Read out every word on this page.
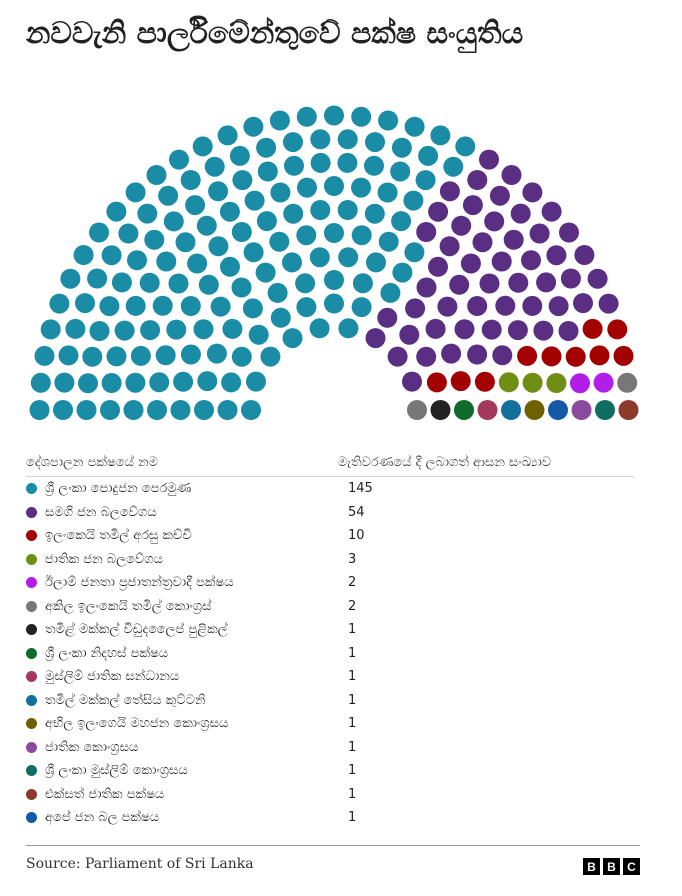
නවවැනි පාර්ලිමේන්තුවේ පක්ෂ සංයුතිය
දේශපාලන පක්ෂයේ නම	මැතිවරණයේ දී ලබාගත් ආසන සංඛ්‍යාව
ශ්‍රී ලංකා පොදුජන පෙරමුණ	145
සමගි ජන බලවේගය	54
ඉලංකෙයි තමිල් අරසු කච්චි	10
ජාතික ජන බලවේගය	3
ඊලාම් ජනතා ප්‍රජාතන්ත්‍රවාදී පක්ෂය	2
අකිල ඉලංකෙයි තමිල් කොංග්‍රස්	2
තමිළ් මක්කල් විඩුදලෛප් පුළිකල්	1
ශ්‍රී ලංකා නිදහස් පක්ෂය	1
මුස්ලිම් ජාතික සන්ධානය	1
තමිල් මක්කල් තේසිය කුට්ටනි	1
අභිල ඉලංගෙයි මහජන කොංග්‍රසය	1
ජාතික කොංග්‍රසය	1
ශ්‍රී ලංකා මුස්ලිම් කොංග්‍රසය	1
එක්සත් ජාතික පක්ෂය	1
අපේ ජන බල පක්ෂය	1
Source: Parliament of Sri Lanka	B B C
